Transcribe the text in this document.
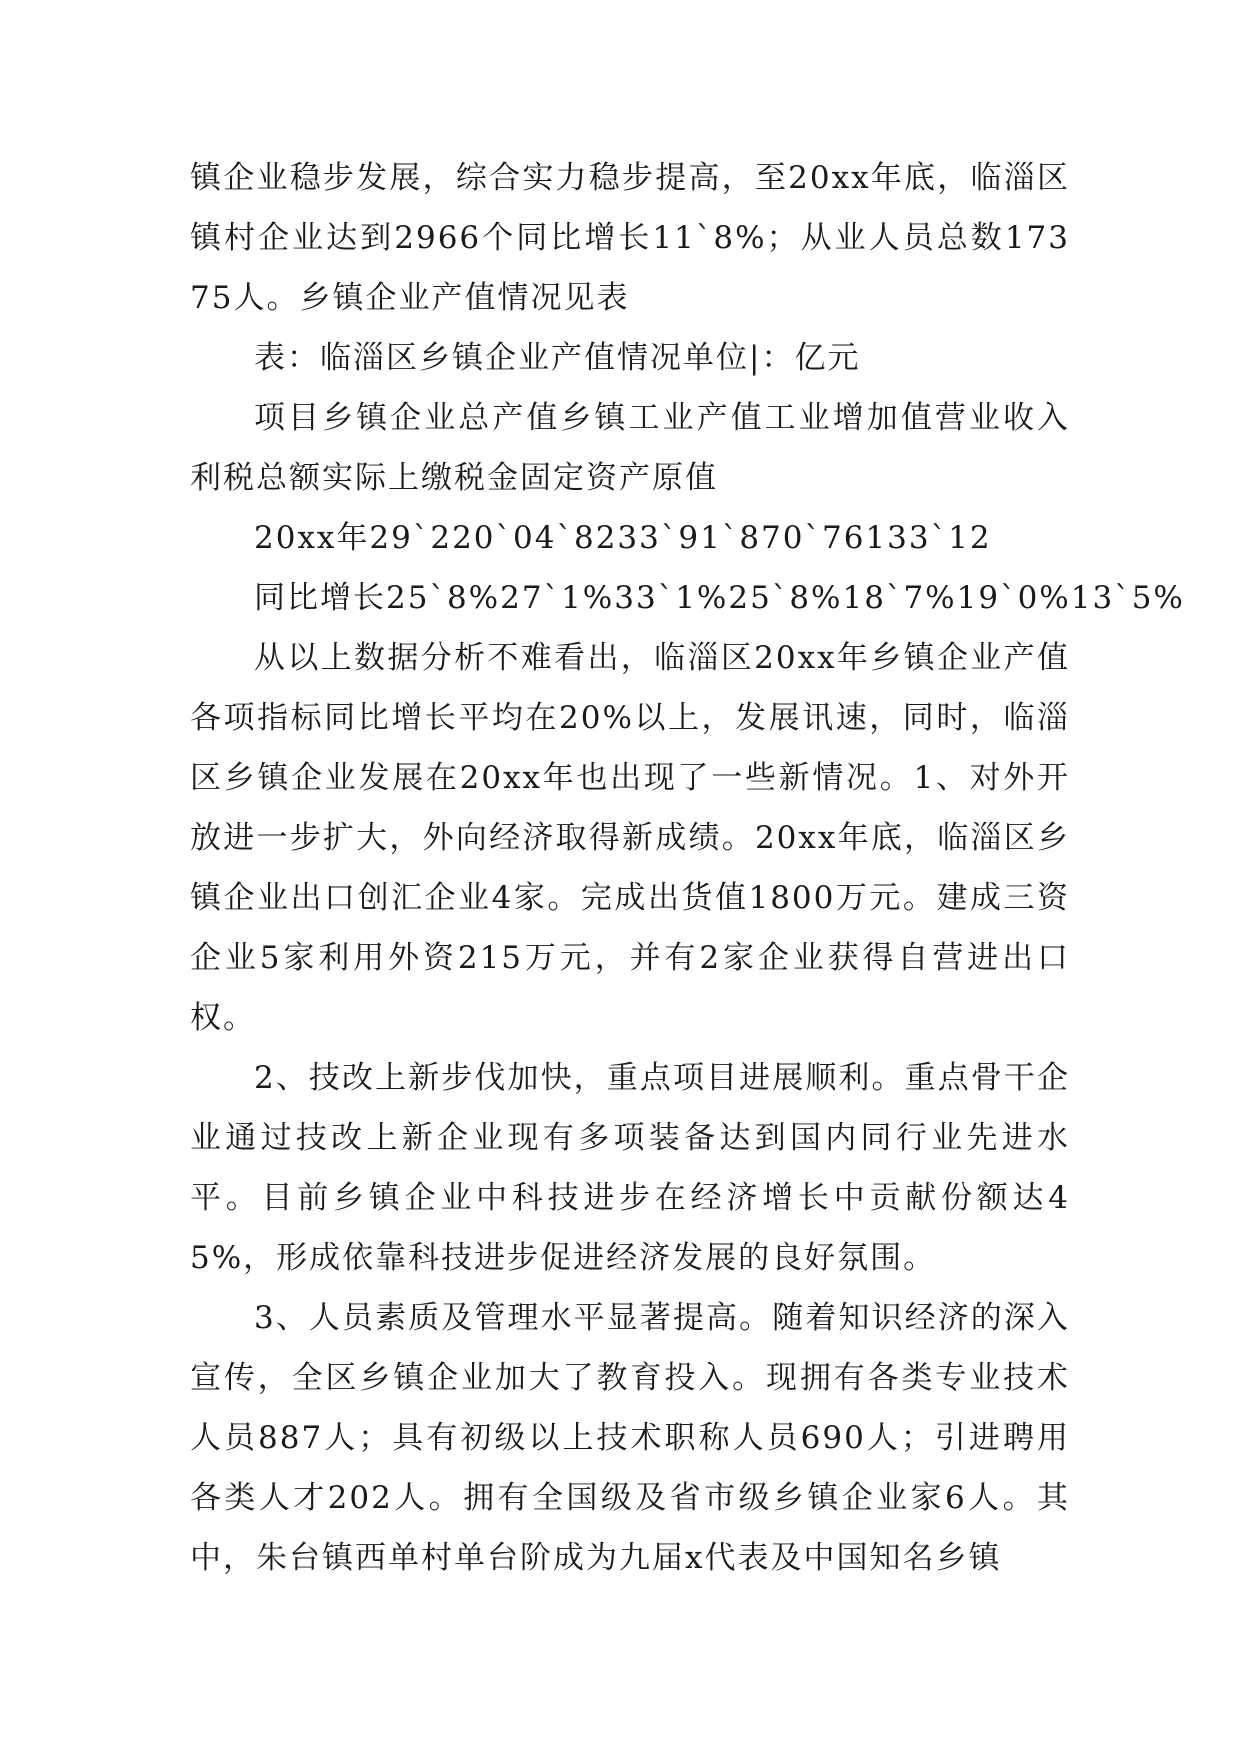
镇企业稳步发展，综合实力稳步提高，至20xx年底，临淄区镇村企业达到2966个同比增长11`8%；从业人员总数17375人。乡镇企业产值情况见表

表：临淄区乡镇企业产值情况单位|：亿元

项目乡镇企业总产值乡镇工业产值工业增加值营业收入利税总额实际上缴税金固定资产原值

20xx年29`220`04`8233`91`870`76133`12

同比增长25`8%27`1%33`1%25`8%18`7%19`0%13`5%

从以上数据分析不难看出，临淄区20xx年乡镇企业产值各项指标同比增长平均在20%以上，发展讯速，同时，临淄区乡镇企业发展在20xx年也出现了一些新情况。1、对外开放进一步扩大，外向经济取得新成绩。20xx年底，临淄区乡镇企业出口创汇企业4家。完成出货值1800万元。建成三资企业5家利用外资215万元，并有2家企业获得自营进出口权。

2、技改上新步伐加快，重点项目进展顺利。重点骨干企业通过技改上新企业现有多项装备达到国内同行业先进水平。目前乡镇企业中科技进步在经济增长中贡献份额达45%，形成依靠科技进步促进经济发展的良好氛围。

3、人员素质及管理水平显著提高。随着知识经济的深入宣传，全区乡镇企业加大了教育投入。现拥有各类专业技术人员887人；具有初级以上技术职称人员690人；引进聘用各类人才202人。拥有全国级及省市级乡镇企业家6人。其中，朱台镇西单村单台阶成为九届x代表及中国知名乡镇
